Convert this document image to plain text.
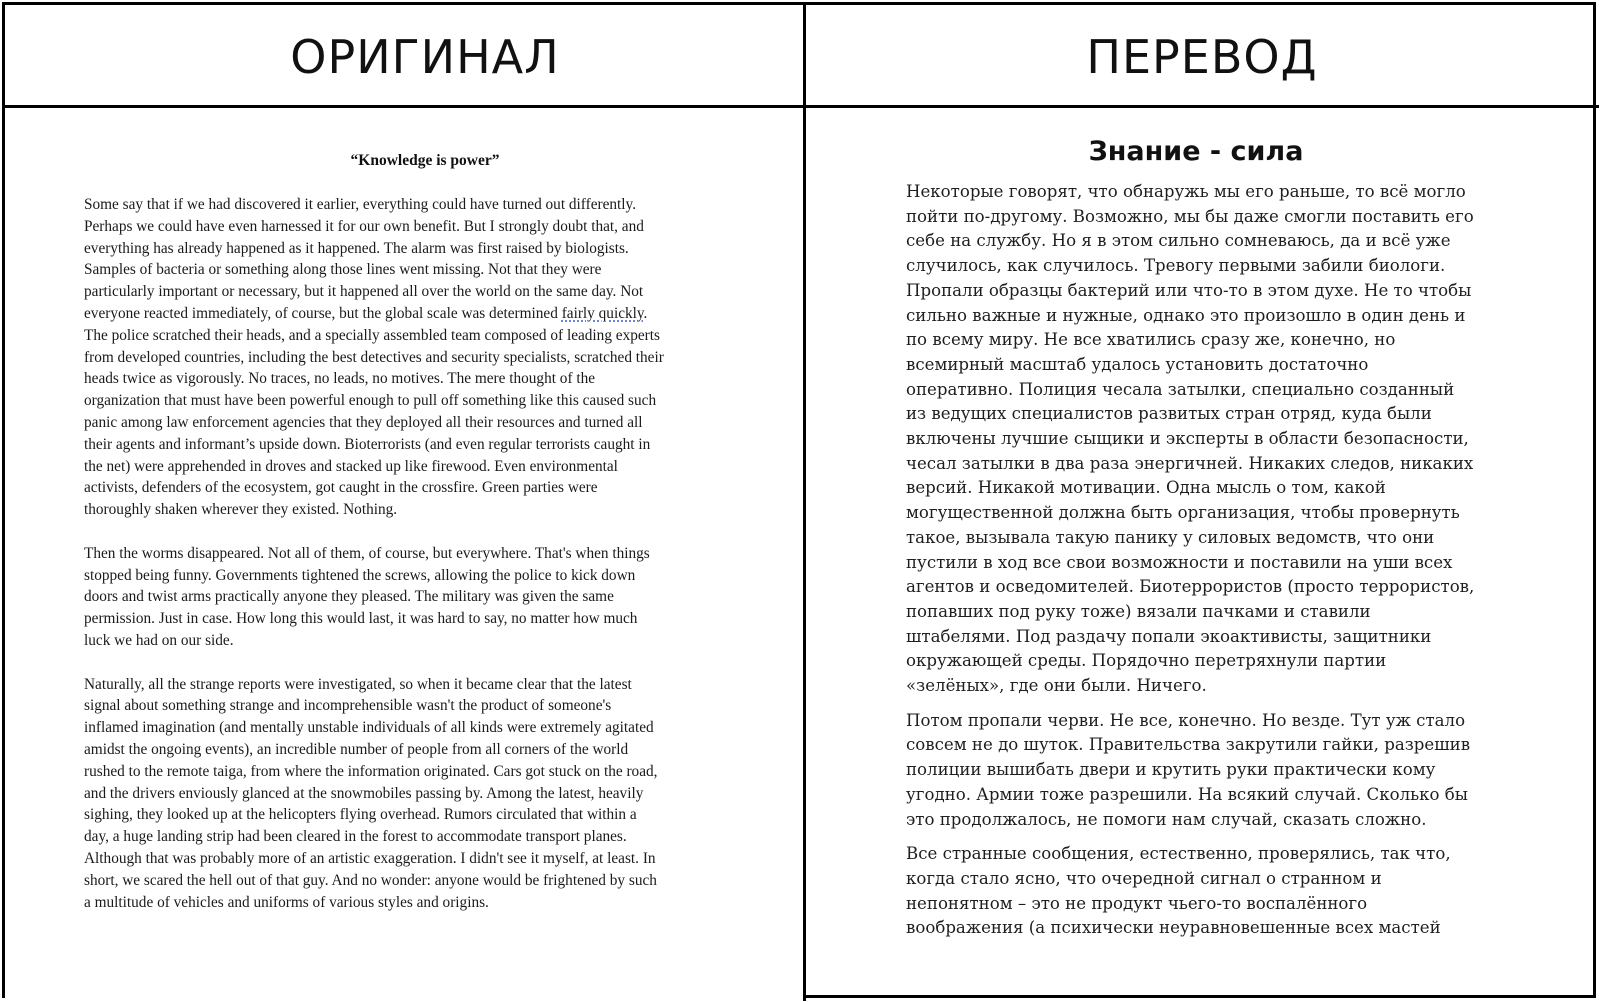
ОРИГИНАЛ	ПЕРЕВОД
“Knowledge is power”

Some say that if we had discovered it earlier, everything could have turned out differently.
Perhaps we could have even harnessed it for our own benefit. But I strongly doubt that, and
everything has already happened as it happened. The alarm was first raised by biologists.
Samples of bacteria or something along those lines went missing. Not that they were
particularly important or necessary, but it happened all over the world on the same day. Not
everyone reacted immediately, of course, but the global scale was determined fairly quickly.
The police scratched their heads, and a specially assembled team composed of leading experts
from developed countries, including the best detectives and security specialists, scratched their
heads twice as vigorously. No traces, no leads, no motives. The mere thought of the
organization that must have been powerful enough to pull off something like this caused such
panic among law enforcement agencies that they deployed all their resources and turned all
their agents and informant’s upside down. Bioterrorists (and even regular terrorists caught in
the net) were apprehended in droves and stacked up like firewood. Even environmental
activists, defenders of the ecosystem, got caught in the crossfire. Green parties were
thoroughly shaken wherever they existed. Nothing.

Then the worms disappeared. Not all of them, of course, but everywhere. That's when things
stopped being funny. Governments tightened the screws, allowing the police to kick down
doors and twist arms practically anyone they pleased. The military was given the same
permission. Just in case. How long this would last, it was hard to say, no matter how much
luck we had on our side.

Naturally, all the strange reports were investigated, so when it became clear that the latest
signal about something strange and incomprehensible wasn't the product of someone's
inflamed imagination (and mentally unstable individuals of all kinds were extremely agitated
amidst the ongoing events), an incredible number of people from all corners of the world
rushed to the remote taiga, from where the information originated. Cars got stuck on the road,
and the drivers enviously glanced at the snowmobiles passing by. Among the latest, heavily
sighing, they looked up at the helicopters flying overhead. Rumors circulated that within a
day, a huge landing strip had been cleared in the forest to accommodate transport planes.
Although that was probably more of an artistic exaggeration. I didn't see it myself, at least. In
short, we scared the hell out of that guy. And no wonder: anyone would be frightened by such
a multitude of vehicles and uniforms of various styles and origins.

Знание - сила

Некоторые говорят, что обнаружь мы его раньше, то всё могло
пойти по-другому. Возможно, мы бы даже смогли поставить его
себе на службу. Но я в этом сильно сомневаюсь, да и всё уже
случилось, как случилось. Тревогу первыми забили биологи.
Пропали образцы бактерий или что-то в этом духе. Не то чтобы
сильно важные и нужные, однако это произошло в один день и
по всему миру. Не все хватились сразу же, конечно, но
всемирный масштаб удалось установить достаточно
оперативно. Полиция чесала затылки, специально созданный
из ведущих специалистов развитых стран отряд, куда были
включены лучшие сыщики и эксперты в области безопасности,
чесал затылки в два раза энергичней. Никаких следов, никаких
версий. Никакой мотивации. Одна мысль о том, какой
могущественной должна быть организация, чтобы провернуть
такое, вызывала такую панику у силовых ведомств, что они
пустили в ход все свои возможности и поставили на уши всех
агентов и осведомителей. Биотеррористов (просто террористов,
попавших под руку тоже) вязали пачками и ставили
штабелями. Под раздачу попали экоактивисты, защитники
окружающей среды. Порядочно перетряхнули партии
«зелёных», где они были. Ничего.

Потом пропали черви. Не все, конечно. Но везде. Тут уж стало
совсем не до шуток. Правительства закрутили гайки, разрешив
полиции вышибать двери и крутить руки практически кому
угодно. Армии тоже разрешили. На всякий случай. Сколько бы
это продолжалось, не помоги нам случай, сказать сложно.

Все странные сообщения, естественно, проверялись, так что,
когда стало ясно, что очередной сигнал о странном и
непонятном – это не продукт чьего-то воспалённого
воображения (а психически неуравновешенные всех мастей
